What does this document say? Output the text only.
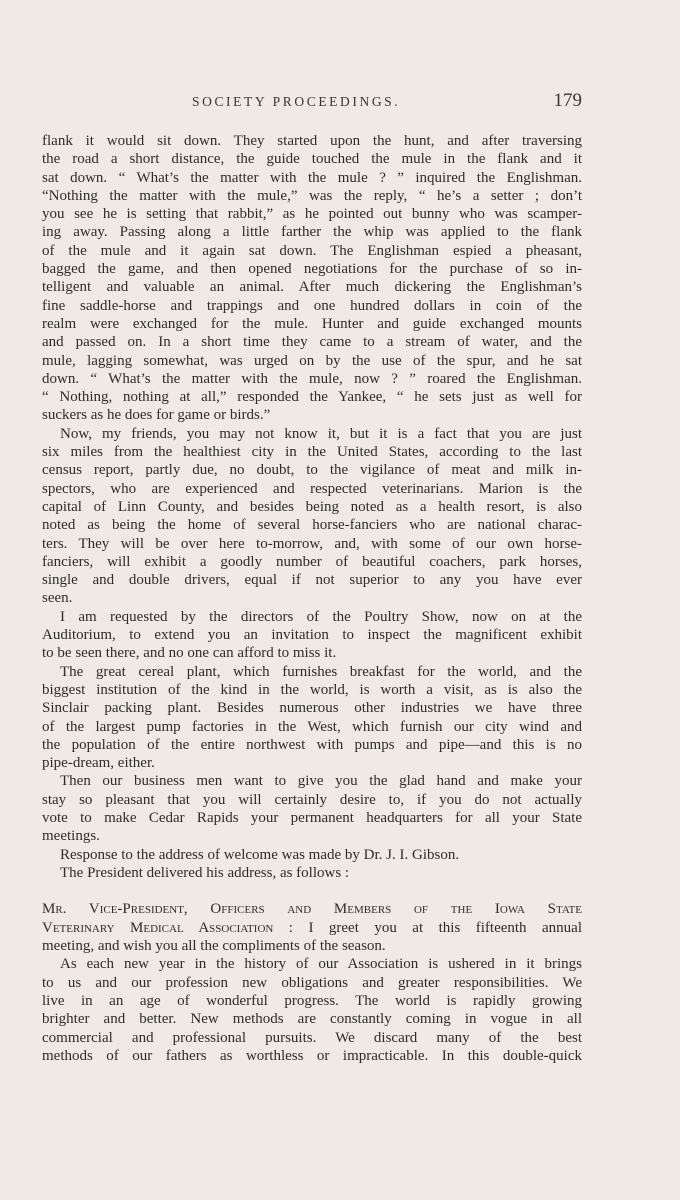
SOCIETY PROCEEDINGS.	179
flank it would sit down. They started upon the hunt, and after traversing
the road a short distance, the guide touched the mule in the flank and it
sat down. “ What’s the matter with the mule ? ” inquired the Englishman.
“Nothing the matter with the mule,” was the reply, “ he’s a setter ; don’t
you see he is setting that rabbit,” as he pointed out bunny who was scamper-
ing away. Passing along a little farther the whip was applied to the flank
of the mule and it again sat down. The Englishman espied a pheasant,
bagged the game, and then opened negotiations for the purchase of so in-
telligent and valuable an animal. After much dickering the Englishman’s
fine saddle-horse and trappings and one hundred dollars in coin of the
realm were exchanged for the mule. Hunter and guide exchanged mounts
and passed on. In a short time they came to a stream of water, and the
mule, lagging somewhat, was urged on by the use of the spur, and he sat
down. “ What’s the matter with the mule, now ? ” roared the Englishman.
“ Nothing, nothing at all,” responded the Yankee, “ he sets just as well for
suckers as he does for game or birds.”
Now, my friends, you may not know it, but it is a fact that you are just
six miles from the healthiest city in the United States, according to the last
census report, partly due, no doubt, to the vigilance of meat and milk in-
spectors, who are experienced and respected veterinarians. Marion is the
capital of Linn County, and besides being noted as a health resort, is also
noted as being the home of several horse-fanciers who are national charac-
ters. They will be over here to-morrow, and, with some of our own horse-
fanciers, will exhibit a goodly number of beautiful coachers, park horses,
single and double drivers, equal if not superior to any you have ever
seen.
I am requested by the directors of the Poultry Show, now on at the
Auditorium, to extend you an invitation to inspect the magnificent exhibit
to be seen there, and no one can afford to miss it.
The great cereal plant, which furnishes breakfast for the world, and the
biggest institution of the kind in the world, is worth a visit, as is also the
Sinclair packing plant. Besides numerous other industries we have three
of the largest pump factories in the West, which furnish our city wind and
the population of the entire northwest with pumps and pipe—and this is no
pipe-dream, either.
Then our business men want to give you the glad hand and make your
stay so pleasant that you will certainly desire to, if you do not actually
vote to make Cedar Rapids your permanent headquarters for all your State
meetings.
Response to the address of welcome was made by Dr. J. I. Gibson.
The President delivered his address, as follows :
Mr. Vice-President, Officers and Members of the Iowa State
Veterinary Medical Association : I greet you at this fifteenth annual
meeting, and wish you all the compliments of the season.
As each new year in the history of our Association is ushered in it brings
to us and our profession new obligations and greater responsibilities. We
live in an age of wonderful progress. The world is rapidly growing
brighter and better. New methods are constantly coming in vogue in all
commercial and professional pursuits. We discard many of the best
methods of our fathers as worthless or impracticable. In this double-quick
